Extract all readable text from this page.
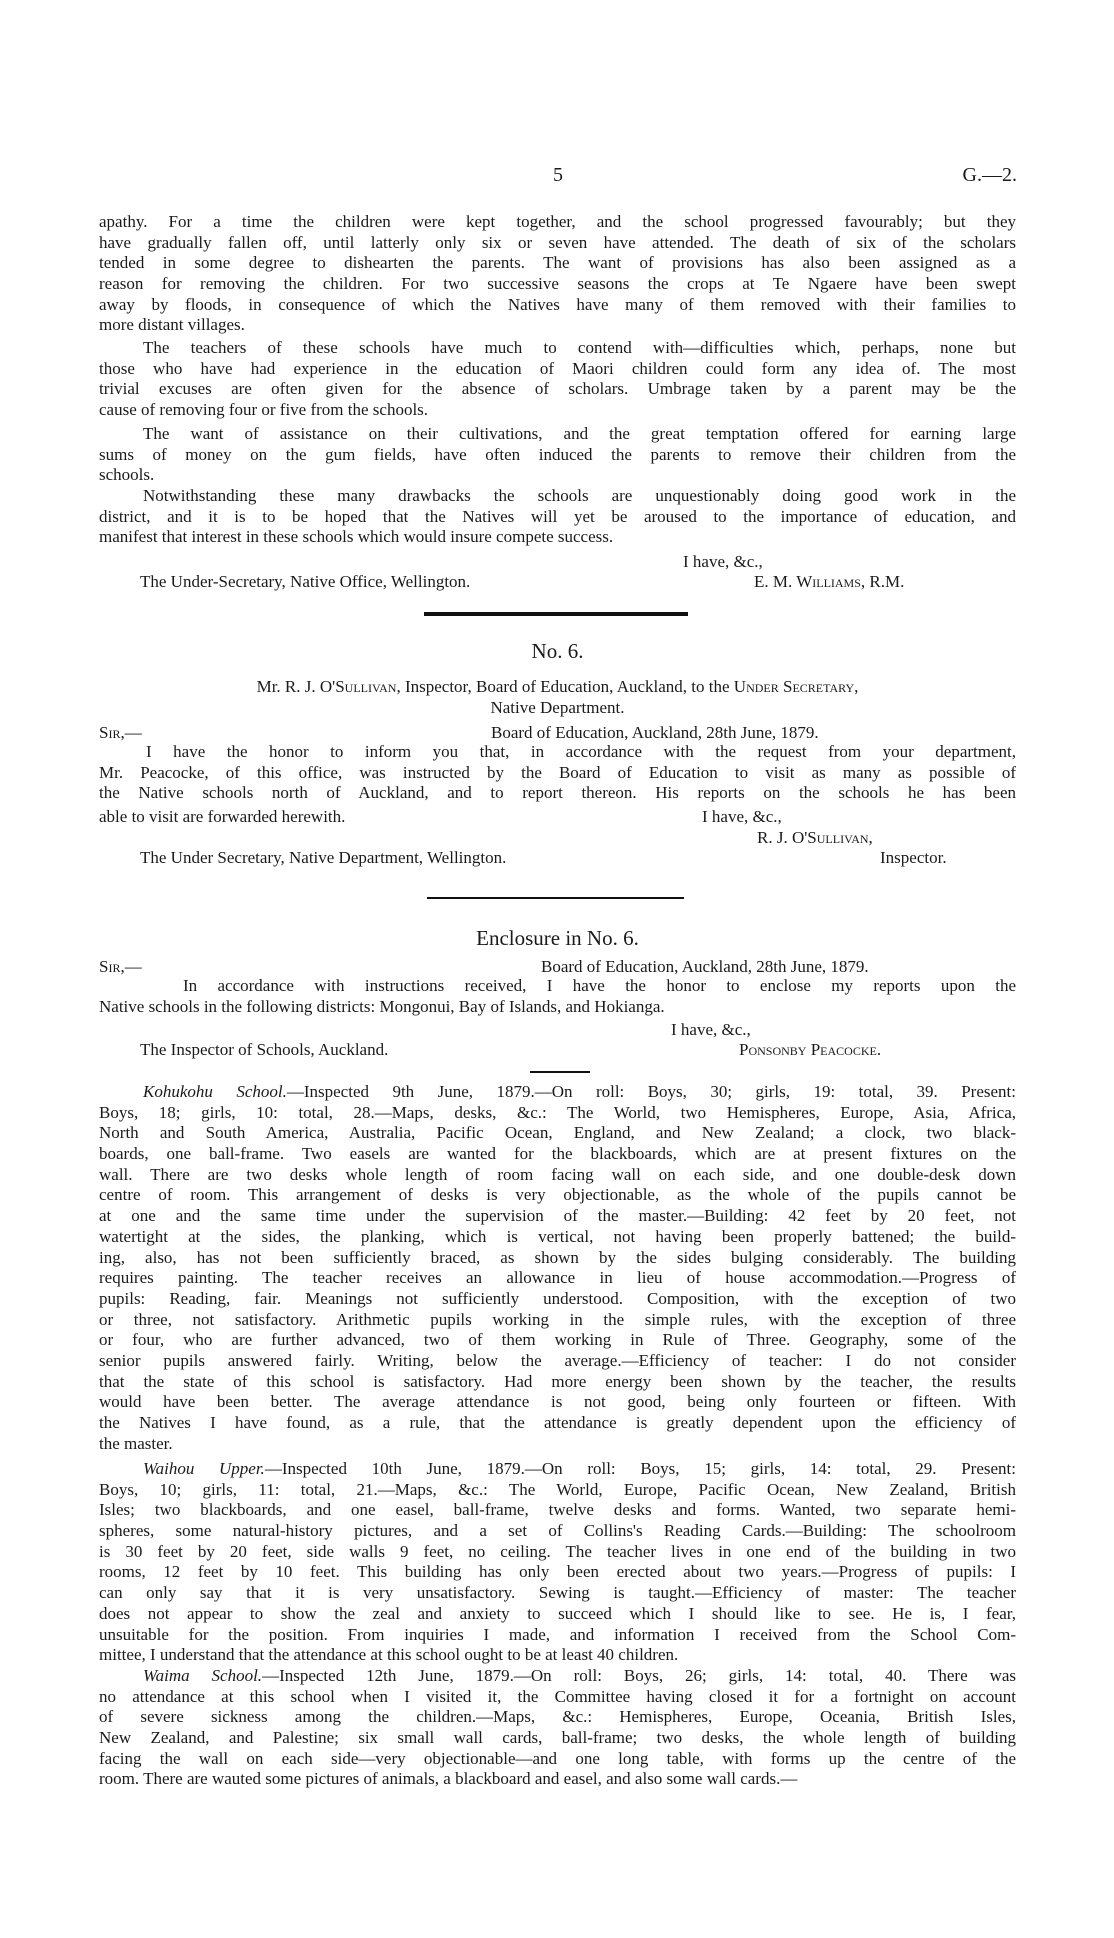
5	G.—2.
apathy. For a time the children were kept together, and the school progressed favourably; but they
have gradually fallen off, until latterly only six or seven have attended. The death of six of the scholars
tended in some degree to dishearten the parents. The want of provisions has also been assigned as a
reason for removing the children. For two successive seasons the crops at Te Ngaere have been swept
away by floods, in consequence of which the Natives have many of them removed with their families to
more distant villages.
The teachers of these schools have much to contend with—difficulties which, perhaps, none but
those who have had experience in the education of Maori children could form any idea of. The most
trivial excuses are often given for the absence of scholars. Umbrage taken by a parent may be the
cause of removing four or five from the schools.
The want of assistance on their cultivations, and the great temptation offered for earning large
sums of money on the gum fields, have often induced the parents to remove their children from the
schools.
Notwithstanding these many drawbacks the schools are unquestionably doing good work in the
district, and it is to be hoped that the Natives will yet be aroused to the importance of education, and
manifest that interest in these schools which would insure compete success.
I have, &c.,
The Under-Secretary, Native Office, Wellington.	E. M. Williams, R.M.
No. 6.
Mr. R. J. O'Sullivan, Inspector, Board of Education, Auckland, to the Under Secretary,
Native Department.
Sir,—	Board of Education, Auckland, 28th June, 1879.
I have the honor to inform you that, in accordance with the request from your department,
Mr. Peacocke, of this office, was instructed by the Board of Education to visit as many as possible of
the Native schools north of Auckland, and to report thereon. His reports on the schools he has been
able to visit are forwarded herewith.	I have, &c.,
R. J. O'Sullivan,
The Under Secretary, Native Department, Wellington.	Inspector.
Enclosure in No. 6.
Sir,—	Board of Education, Auckland, 28th June, 1879.
In accordance with instructions received, I have the honor to enclose my reports upon the
Native schools in the following districts: Mongonui, Bay of Islands, and Hokianga.
I have, &c.,
The Inspector of Schools, Auckland.	Ponsonby Peacocke.
Kohukohu School.—Inspected 9th June, 1879.—On roll: Boys, 30; girls, 19: total, 39. Present:
Boys, 18; girls, 10: total, 28.—Maps, desks, &c.: The World, two Hemispheres, Europe, Asia, Africa,
North and South America, Australia, Pacific Ocean, England, and New Zealand; a clock, two black-
boards, one ball-frame. Two easels are wanted for the blackboards, which are at present fixtures on the
wall. There are two desks whole length of room facing wall on each side, and one double-desk down
centre of room. This arrangement of desks is very objectionable, as the whole of the pupils cannot be
at one and the same time under the supervision of the master.—Building: 42 feet by 20 feet, not
watertight at the sides, the planking, which is vertical, not having been properly battened; the build-
ing, also, has not been sufficiently braced, as shown by the sides bulging considerably. The building
requires painting. The teacher receives an allowance in lieu of house accommodation.—Progress of
pupils: Reading, fair. Meanings not sufficiently understood. Composition, with the exception of two
or three, not satisfactory. Arithmetic pupils working in the simple rules, with the exception of three
or four, who are further advanced, two of them working in Rule of Three. Geography, some of the
senior pupils answered fairly. Writing, below the average.—Efficiency of teacher: I do not consider
that the state of this school is satisfactory. Had more energy been shown by the teacher, the results
would have been better. The average attendance is not good, being only fourteen or fifteen. With
the Natives I have found, as a rule, that the attendance is greatly dependent upon the efficiency of
the master.
Waihou Upper.—Inspected 10th June, 1879.—On roll: Boys, 15; girls, 14: total, 29. Present:
Boys, 10; girls, 11: total, 21.—Maps, &c.: The World, Europe, Pacific Ocean, New Zealand, British
Isles; two blackboards, and one easel, ball-frame, twelve desks and forms. Wanted, two separate hemi-
spheres, some natural-history pictures, and a set of Collins's Reading Cards.—Building: The schoolroom
is 30 feet by 20 feet, side walls 9 feet, no ceiling. The teacher lives in one end of the building in two
rooms, 12 feet by 10 feet. This building has only been erected about two years.—Progress of pupils: I
can only say that it is very unsatisfactory. Sewing is taught.—Efficiency of master: The teacher
does not appear to show the zeal and anxiety to succeed which I should like to see. He is, I fear,
unsuitable for the position. From inquiries I made, and information I received from the School Com-
mittee, I understand that the attendance at this school ought to be at least 40 children.
Waima School.—Inspected 12th June, 1879.—On roll: Boys, 26; girls, 14: total, 40. There was
no attendance at this school when I visited it, the Committee having closed it for a fortnight on account
of severe sickness among the children.—Maps, &c.: Hemispheres, Europe, Oceania, British Isles,
New Zealand, and Palestine; six small wall cards, ball-frame; two desks, the whole length of building
facing the wall on each side—very objectionable—and one long table, with forms up the centre of the
room. There are wauted some pictures of animals, a blackboard and easel, and also some wall cards.—
